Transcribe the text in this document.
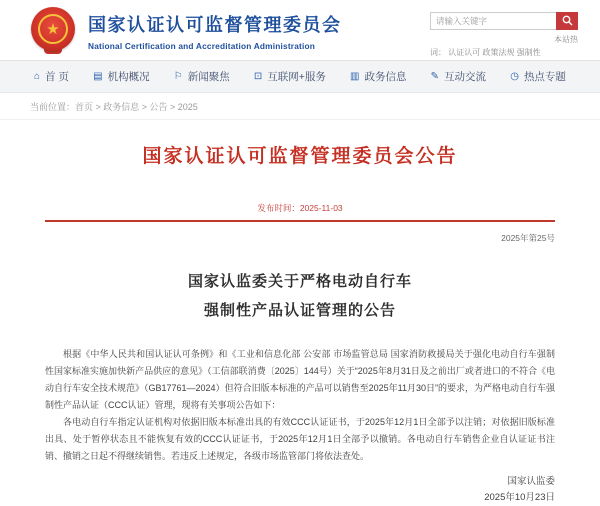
★	国家认证认可监督管理委员会
National Certification and Accreditation Administration
请输入关键字
本站热
词： 认证认可 政策法规 强制性
⌂ 首 页 ▤ 机构概况 ⚐ 新闻聚焦 ⊡ 互联网+服务 ▥ 政务信息 ✎ 互动交流 ◷ 热点专题
当前位置：首页 > 政务信息 > 公告 > 2025
国家认证认可监督管理委员会公告
发布时间：2025-11-03
2025年第25号
国家认监委关于严格电动自行车
强制性产品认证管理的公告

根据《中华人民共和国认证认可条例》和《工业和信息化部 公安部 市场监管总局 国家消防救援局关于强化电动自行车强制性国家标准实施加快新产品供应的意见》（工信部联消费〔2025〕144号）关于“2025年8月31日及之前出厂或者进口的不符合《电动自行车安全技术规范》（GB17761—2024）但符合旧版本标准的产品可以销售至2025年11月30日”的要求，为严格电动自行车强制性产品认证（CCC认证）管理，现将有关事项公告如下：

各电动自行车指定认证机构对依据旧版本标准出具的有效CCC认证证书，于2025年12月1日全部予以注销；对依据旧版标准出具、处于暂停状态且不能恢复有效的CCC认证证书，于2025年12月1日全部予以撤销。各电动自行车销售企业自认证证书注销、撤销之日起不得继续销售。若违反上述规定，各级市场监管部门将依法查处。

国家认监委
2025年10月23日
